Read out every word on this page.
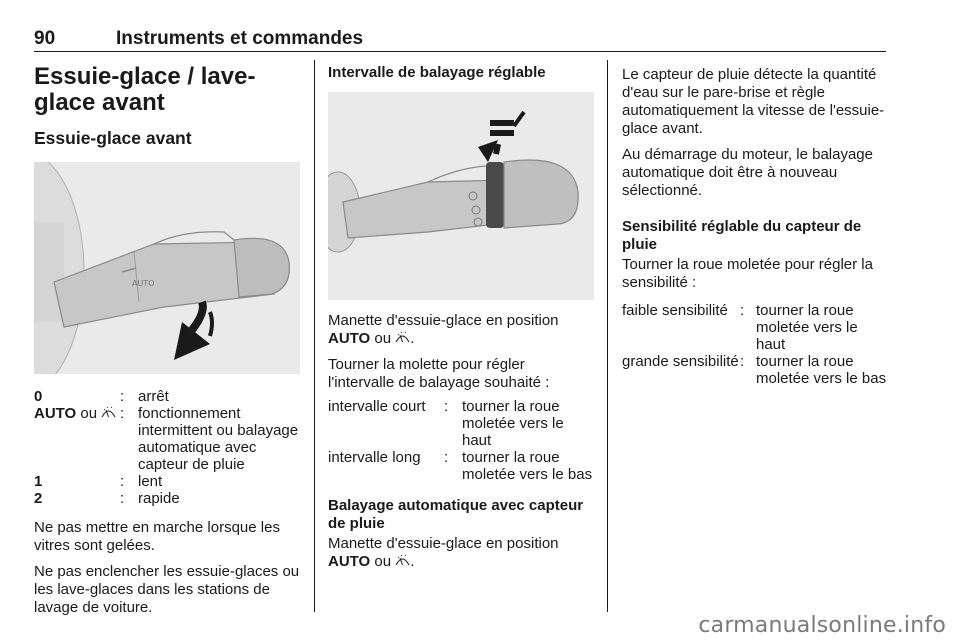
90	Instruments et commandes
Essuie-glace / lave-glace avant
Essuie-glace avant
AUTO
0	: arrêt
AUTO ou	: fonctionnement intermittent ou balayage automatique avec capteur de pluie
1	: lent
2	: rapide

Ne pas mettre en marche lorsque les vitres sont gelées.

Ne pas enclencher les essuie-glaces ou les lave-glaces dans les stations de lavage de voiture.

Intervalle de balayage réglable

Manette d'essuie-glace en position AUTO ou .

Tourner la molette pour régler l'intervalle de balayage souhaité :

intervalle court	: tourner la roue moletée vers le haut
intervalle long	: tourner la roue moletée vers le bas
Balayage automatique avec capteur de pluie

Manette d'essuie-glace en position
AUTO ou .

Le capteur de pluie détecte la quantité d'eau sur le pare-brise et règle automatiquement la vitesse de l'essuie-glace avant.

Au démarrage du moteur, le balayage automatique doit être à nouveau sélectionné.

Sensibilité réglable du capteur de pluie

Tourner la roue moletée pour régler la sensibilité :

faible sensibilité : tourner la roue moletée vers le haut
grande sensibilité : tourner la roue moletée vers le bas
carmanualsonline.info
